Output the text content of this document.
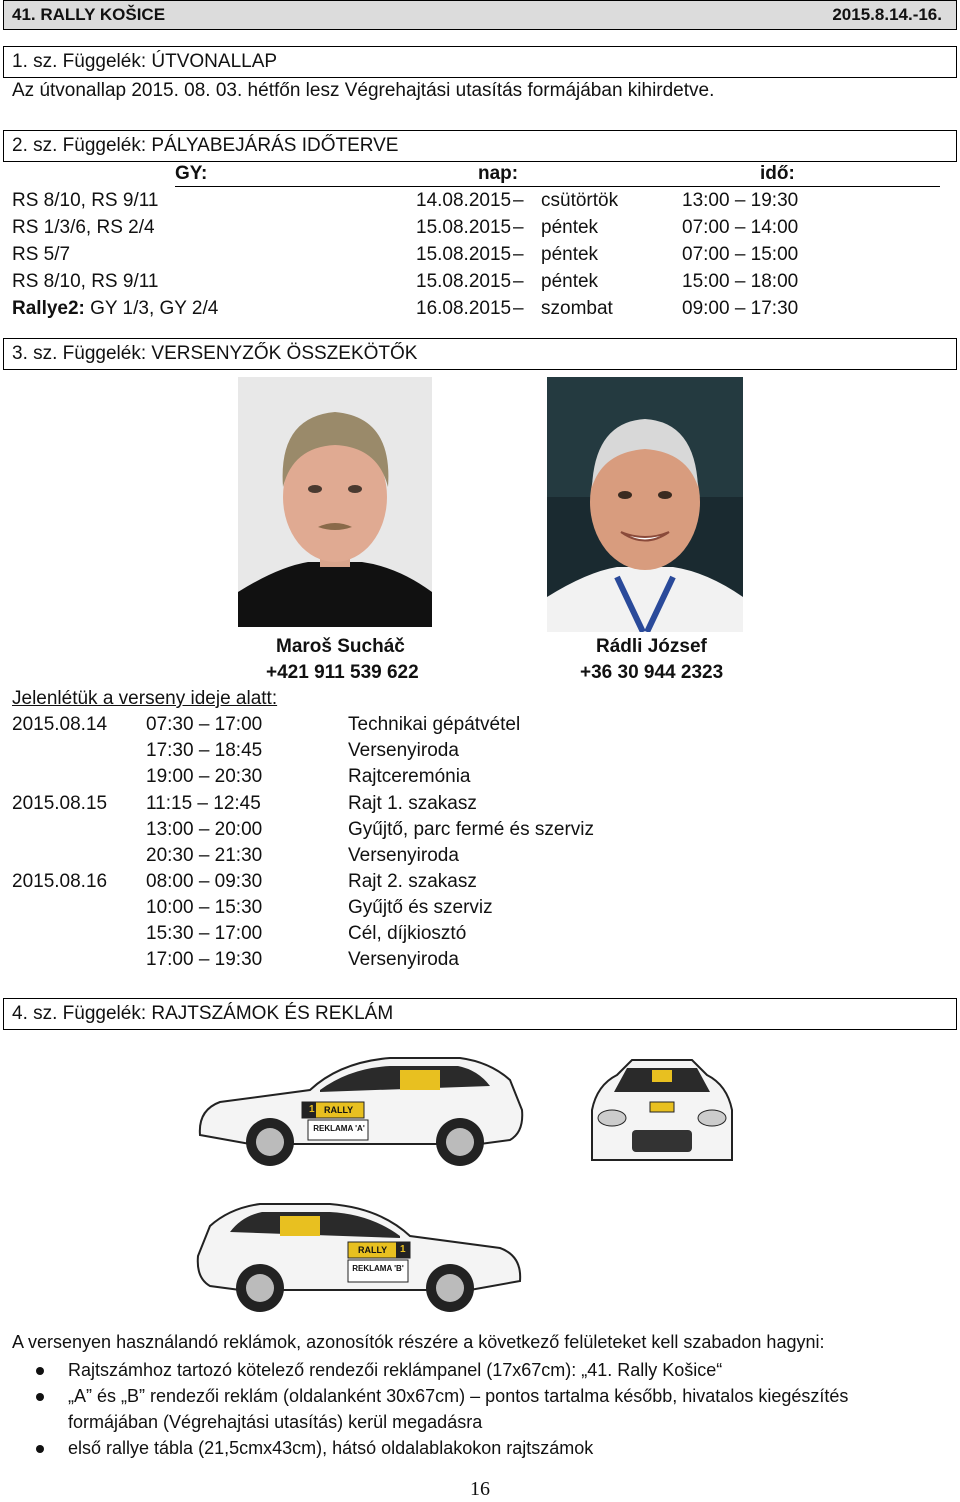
41. RALLY KOŠICE	2015.8.14.-16.
1. sz. Függelék: ÚTVONALLAP
Az útvonallap 2015. 08. 03. hétfőn lesz Végrehajtási utasítás formájában kihirdetve.
2. sz. Függelék: PÁLYABEJÁRÁS IDŐTERVE
GY:	nap:	idő:
RS 8/10, RS 9/11	14.08.2015 – csütörtök	13:00 – 19:30
RS 1/3/6, RS 2/4	15.08.2015 – péntek	07:00 – 14:00
RS 5/7	15.08.2015 – péntek	07:00 – 15:00
RS 8/10, RS 9/11	15.08.2015 – péntek	15:00 – 18:00
Rallye2: GY 1/3, GY 2/4	16.08.2015 – szombat	09:00 – 17:30
3. sz. Függelék: VERSENYZŐK ÖSSZEKÖTŐK
Maroš Sucháč
+421 911 539 622
Rádli József
+36 30 944 2323
Jelenlétük a verseny ideje alatt:
2015.08.14 07:30 – 17:00	Technikai gépátvétel
17:30 – 18:45	Versenyiroda
19:00 – 20:30	Rajtceremónia
2015.08.15 11:15 – 12:45	Rajt 1. szakasz
13:00 – 20:00	Gyűjtő, parc fermé és szerviz
20:30 – 21:30	Versenyiroda
2015.08.16 08:00 – 09:30	Rajt 2. szakasz
10:00 – 15:30	Gyűjtő és szerviz
15:30 – 17:00	Cél, díjkiosztó
17:00 – 19:30	Versenyiroda
4. sz. Függelék: RAJTSZÁMOK ÉS REKLÁM
1 RALLY
REKLAMA 'A'
RALLY 1
REKLAMA 'B'
A versenyen használandó reklámok, azonosítók részére a következő felületeket kell szabadon hagyni:
Rajtszámhoz tartozó kötelező rendezői reklámpanel (17x67cm): „41. Rally Košice“
„A” és „B” rendezői reklám (oldalanként 30x67cm) – pontos tartalma később, hivatalos kiegészítés formájában (Végrehajtási utasítás) kerül megadásra
első rallye tábla (21,5cmx43cm), hátsó oldalablakokon rajtszámok
16
